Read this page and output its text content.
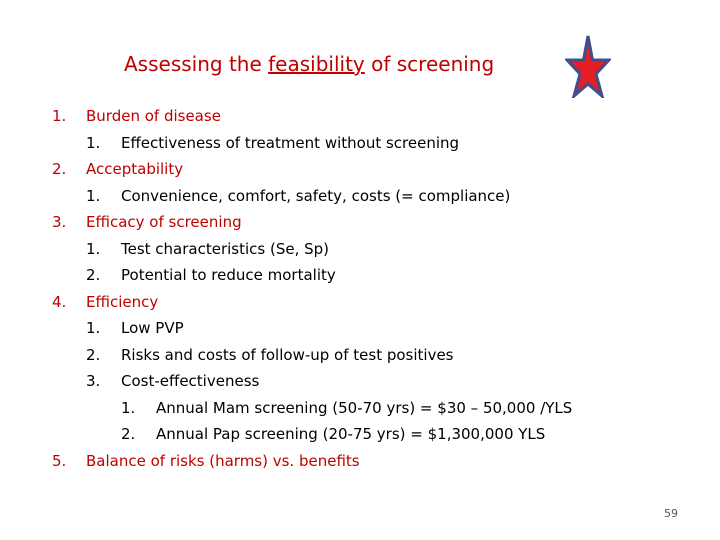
Assessing the feasibility of screening
1. Burden of disease
1. Effectiveness of treatment without screening
2. Acceptability
1. Convenience, comfort, safety, costs (= compliance)
3. Efficacy of screening
1. Test characteristics (Se, Sp)
2. Potential to reduce mortality
4. Efficiency
1. Low PVP
2. Risks and costs of follow-up of test positives
3. Cost-effectiveness
1. Annual Mam screening (50-70 yrs) = $30 – 50,000 /YLS
2. Annual Pap screening (20-75 yrs) = $1,300,000 YLS
5. Balance of risks (harms) vs. benefits
59
